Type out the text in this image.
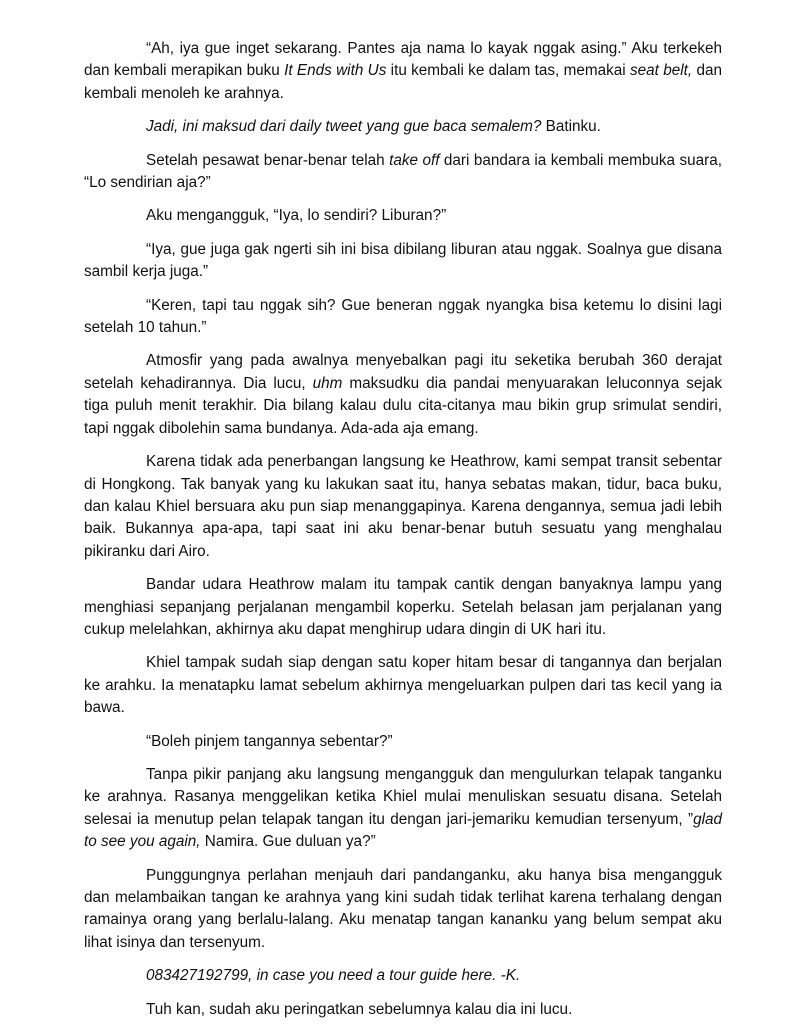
“Ah, iya gue inget sekarang. Pantes aja nama lo kayak nggak asing.” Aku terkekeh dan kembali merapikan buku It Ends with Us itu kembali ke dalam tas, memakai seat belt, dan kembali menoleh ke arahnya.

Jadi, ini maksud dari daily tweet yang gue baca semalem? Batinku.

Setelah pesawat benar-benar telah take off dari bandara ia kembali membuka suara, “Lo sendirian aja?”

Aku mengangguk, “Iya, lo sendiri? Liburan?”

“Iya, gue juga gak ngerti sih ini bisa dibilang liburan atau nggak. Soalnya gue disana sambil kerja juga.”

“Keren, tapi tau nggak sih? Gue beneran nggak nyangka bisa ketemu lo disini lagi setelah 10 tahun.”

Atmosfir yang pada awalnya menyebalkan pagi itu seketika berubah 360 derajat setelah kehadirannya. Dia lucu, uhm maksudku dia pandai menyuarakan leluconnya sejak tiga puluh menit terakhir. Dia bilang kalau dulu cita-citanya mau bikin grup srimulat sendiri, tapi nggak dibolehin sama bundanya. Ada-ada aja emang.

Karena tidak ada penerbangan langsung ke Heathrow, kami sempat transit sebentar di Hongkong. Tak banyak yang ku lakukan saat itu, hanya sebatas makan, tidur, baca buku, dan kalau Khiel bersuara aku pun siap menanggapinya. Karena dengannya, semua jadi lebih baik. Bukannya apa-apa, tapi saat ini aku benar-benar butuh sesuatu yang menghalau pikiranku dari Airo.

Bandar udara Heathrow malam itu tampak cantik dengan banyaknya lampu yang menghiasi sepanjang perjalanan mengambil koperku. Setelah belasan jam perjalanan yang cukup melelahkan, akhirnya aku dapat menghirup udara dingin di UK hari itu.

Khiel tampak sudah siap dengan satu koper hitam besar di tangannya dan berjalan ke arahku. Ia menatapku lamat sebelum akhirnya mengeluarkan pulpen dari tas kecil yang ia bawa.

“Boleh pinjem tangannya sebentar?”

Tanpa pikir panjang aku langsung mengangguk dan mengulurkan telapak tanganku ke arahnya. Rasanya menggelikan ketika Khiel mulai menuliskan sesuatu disana. Setelah selesai ia menutup pelan telapak tangan itu dengan jari-jemariku kemudian tersenyum, ”glad to see you again, Namira. Gue duluan ya?”

Punggungnya perlahan menjauh dari pandanganku, aku hanya bisa mengangguk dan melambaikan tangan ke arahnya yang kini sudah tidak terlihat karena terhalang dengan ramainya orang yang berlalu-lalang. Aku menatap tangan kananku yang belum sempat aku lihat isinya dan tersenyum.

083427192799, in case you need a tour guide here. -K.

Tuh kan, sudah aku peringatkan sebelumnya kalau dia ini lucu.
